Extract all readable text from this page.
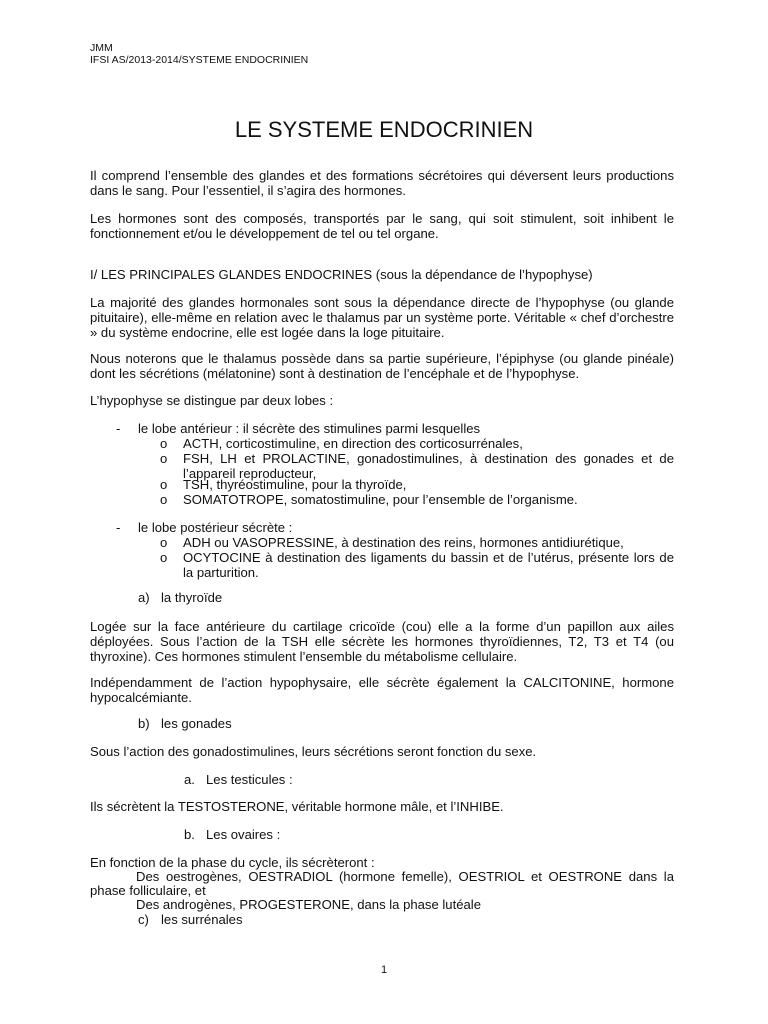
JMM
IFSI AS/2013-2014/SYSTEME ENDOCRINIEN
LE SYSTEME ENDOCRINIEN
Il comprend l’ensemble des glandes et des formations sécrétoires qui déversent leurs productions dans le sang. Pour l’essentiel, il s’agira des hormones.
Les hormones sont des composés, transportés par le sang, qui soit stimulent, soit inhibent le fonctionnement et/ou le développement de tel ou tel organe.
I/ LES PRINCIPALES GLANDES ENDOCRINES (sous la dépendance de l’hypophyse)
La majorité des glandes hormonales sont sous la dépendance directe de l’hypophyse (ou glande pituitaire), elle-même en relation avec le thalamus par un système porte. Véritable « chef d’orchestre » du système endocrine, elle est logée dans la loge pituitaire.
Nous noterons que le thalamus possède dans sa partie supérieure, l’épiphyse (ou glande pinéale) dont les sécrétions (mélatonine) sont à destination de l’encéphale et de l’hypophyse.
L’hypophyse se distingue par deux lobes :
- le lobe antérieur : il sécrète des stimulines parmi lesquelles
o ACTH, corticostimuline, en direction des corticosurrénales,
o FSH, LH et PROLACTINE, gonadostimulines, à destination des gonades et de l’appareil reproducteur,
o TSH, thyréostimuline, pour la thyroïde,
o SOMATOTROPE, somatostimuline, pour l’ensemble de l’organisme.
- le lobe postérieur sécrète :
o ADH ou VASOPRESSINE, à destination des reins, hormones antidiurétique,
o OCYTOCINE à destination des ligaments du bassin et de l’utérus, présente lors de la parturition.
a) la thyroïde
Logée sur la face antérieure du cartilage cricoïde (cou) elle a la forme d’un papillon aux ailes déployées. Sous l’action de la TSH elle sécrète les hormones thyroïdiennes, T2, T3 et T4 (ou thyroxine). Ces hormones stimulent l’ensemble du métabolisme cellulaire.
Indépendamment de l’action hypophysaire, elle sécrète également la CALCITONINE, hormone hypocalcémiante.
b) les gonades
Sous l’action des gonadostimulines, leurs sécrétions seront fonction du sexe.
a. Les testicules :
Ils sécrètent la TESTOSTERONE, véritable hormone mâle, et l’INHIBE.
b. Les ovaires :
En fonction de la phase du cycle, ils sécrèteront :
Des oestrogènes, OESTRADIOL (hormone femelle), OESTRIOL et OESTRONE dans la
phase folliculaire, et
Des androgènes, PROGESTERONE, dans la phase lutéale
c) les surrénales
1
